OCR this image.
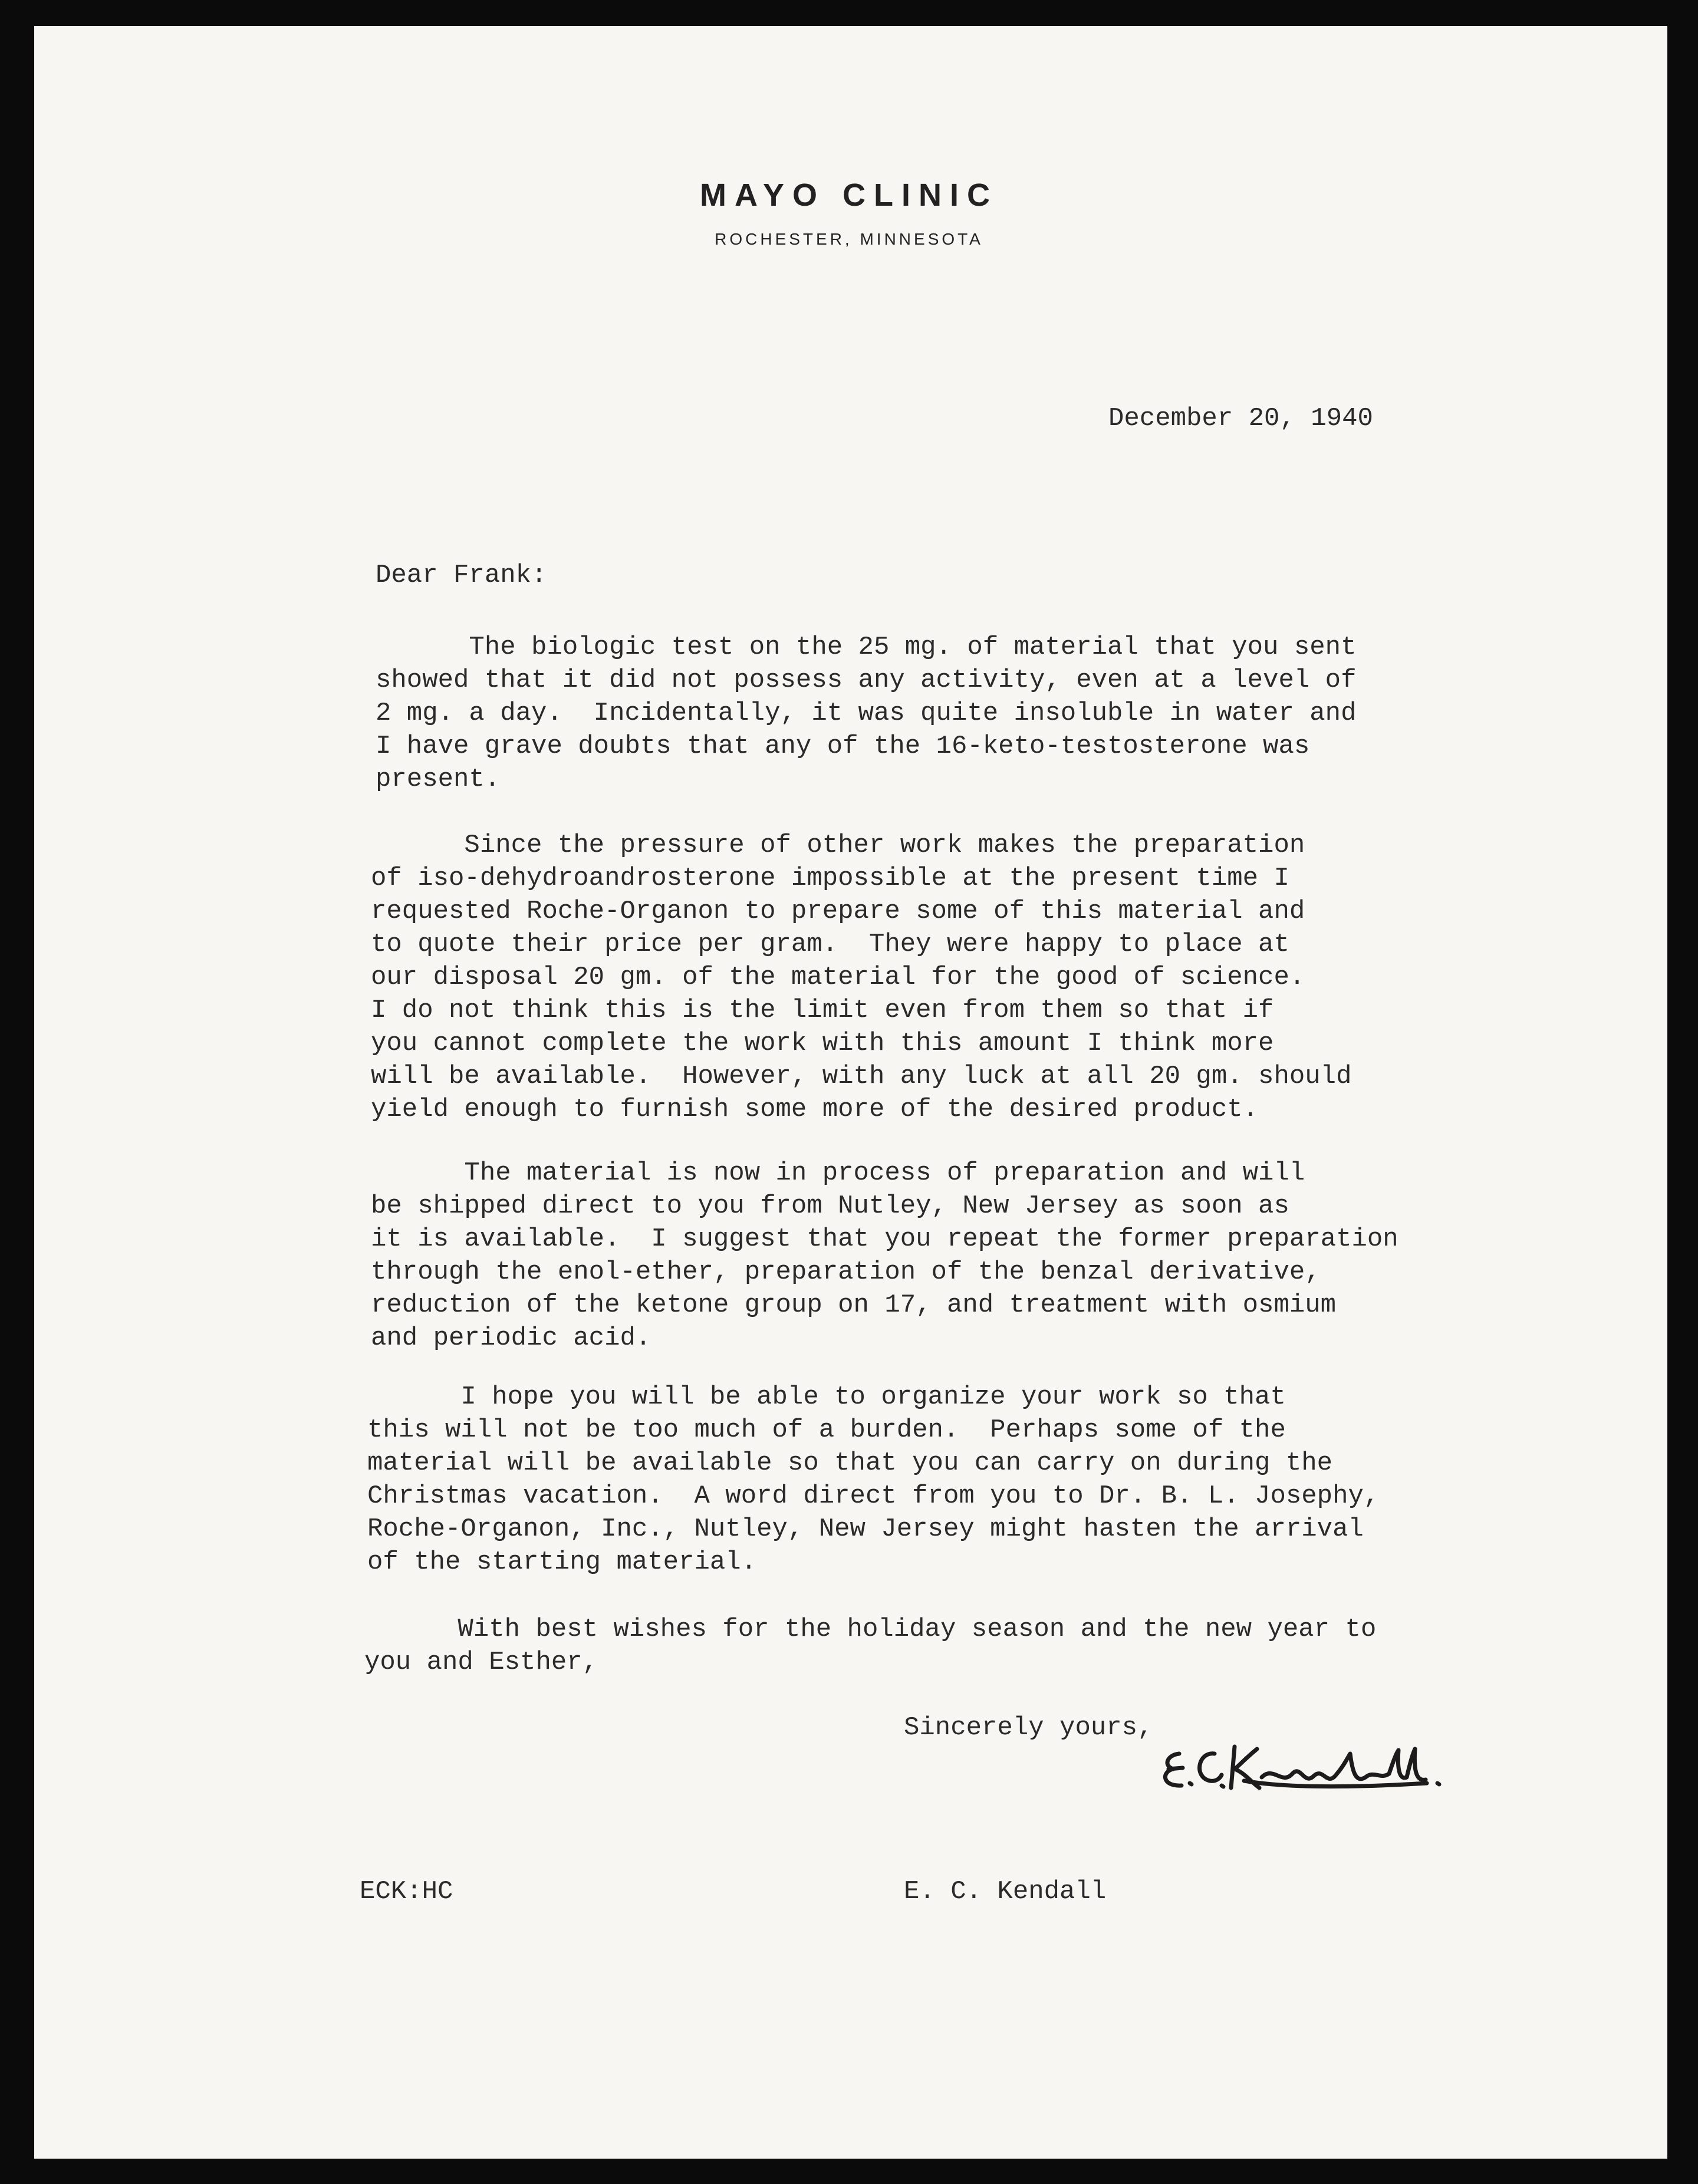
MAYO CLINIC
ROCHESTER, MINNESOTA
December 20, 1940
Dear Frank:
The biologic test on the 25 mg. of material that you sent
showed that it did not possess any activity, even at a level of
2 mg. a day.  Incidentally, it was quite insoluble in water and
I have grave doubts that any of the 16-keto-testosterone was
present.
Since the pressure of other work makes the preparation
of iso-dehydroandrosterone impossible at the present time I
requested Roche-Organon to prepare some of this material and
to quote their price per gram.  They were happy to place at
our disposal 20 gm. of the material for the good of science.
I do not think this is the limit even from them so that if
you cannot complete the work with this amount I think more
will be available.  However, with any luck at all 20 gm. should
yield enough to furnish some more of the desired product.
The material is now in process of preparation and will
be shipped direct to you from Nutley, New Jersey as soon as
it is available.  I suggest that you repeat the former preparation
through the enol-ether, preparation of the benzal derivative,
reduction of the ketone group on 17, and treatment with osmium
and periodic acid.
I hope you will be able to organize your work so that
this will not be too much of a burden.  Perhaps some of the
material will be available so that you can carry on during the
Christmas vacation.  A word direct from you to Dr. B. L. Josephy,
Roche-Organon, Inc., Nutley, New Jersey might hasten the arrival
of the starting material.
With best wishes for the holiday season and the new year to
you and Esther,
Sincerely yours,
ECK:HC	E. C. Kendall
